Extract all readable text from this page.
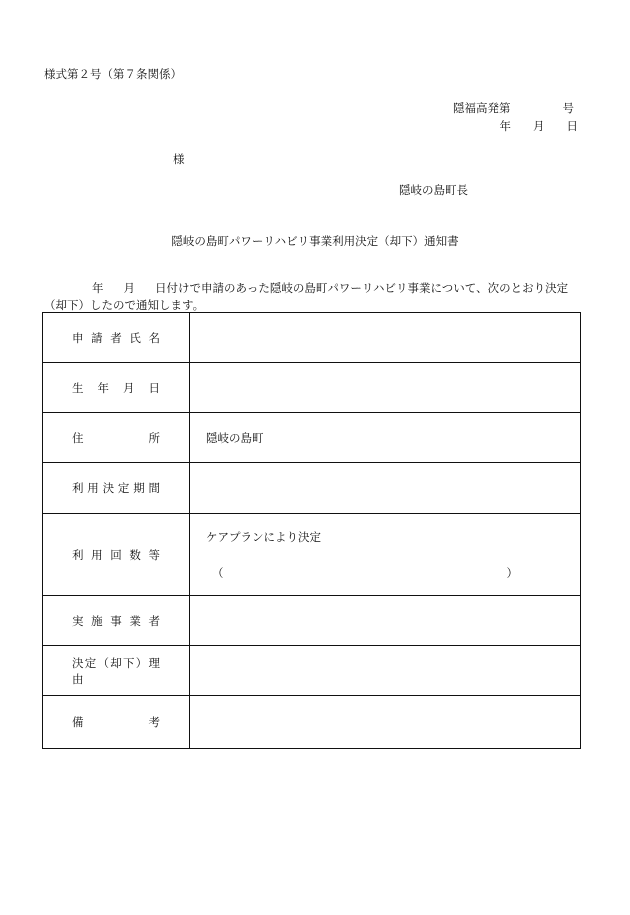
様式第２号（第７条関係）
隠福高発第	号
年 月 日
様
隠岐の島町長
隠岐の島町パワーリハビリ事業利用決定（却下）通知書
年 月 日付けで申請のあった隠岐の島町パワーリハビリ事業について、次のとおり決定（却下）したので通知します。
申請者氏名	
生年月日	
住所	隠岐の島町
利用決定期間	
利用回数等	ケアプランにより決定
（ ）

実施事業者	
決定（却下）理由	
備考	
